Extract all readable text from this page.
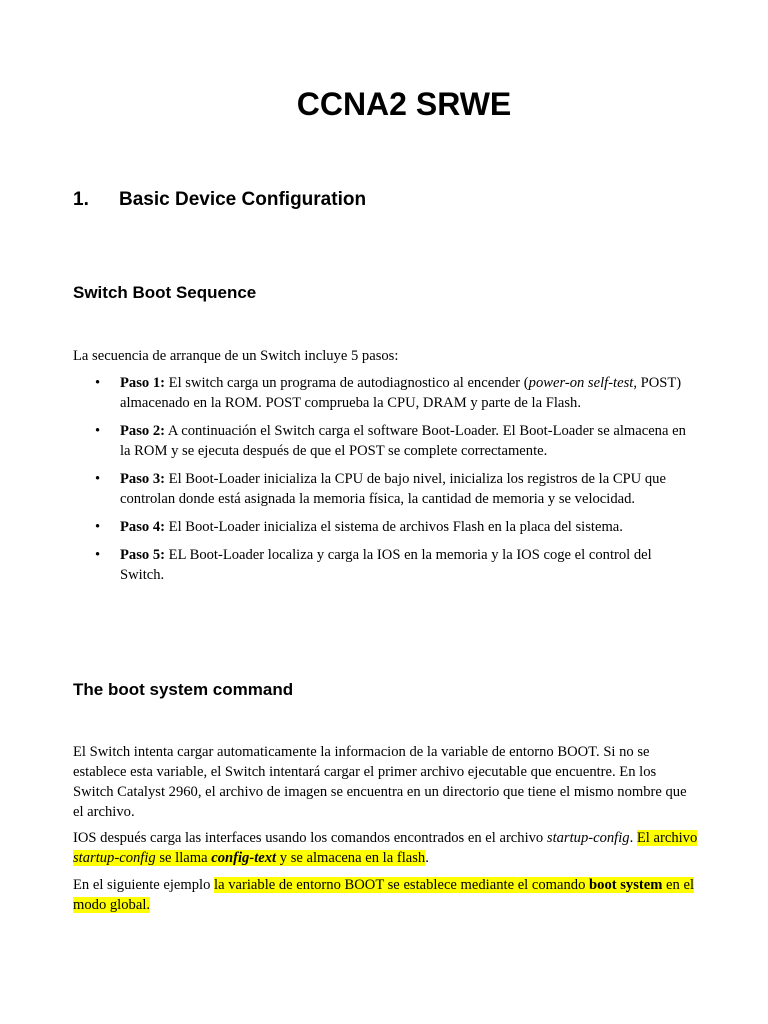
CCNA2 SRWE
1. Basic Device Configuration
Switch Boot Sequence
La secuencia de arranque de un Switch incluye 5 pasos:
• Paso 1: El switch carga un programa de autodiagnostico al encender (power-on self-test, POST) almacenado en la ROM. POST comprueba la CPU, DRAM y parte de la Flash.
• Paso 2: A continuación el Switch carga el software Boot-Loader. El Boot-Loader se almacena en la ROM y se ejecuta después de que el POST se complete correctamente.
• Paso 3: El Boot-Loader inicializa la CPU de bajo nivel, inicializa los registros de la CPU que controlan donde está asignada la memoria física, la cantidad de memoria y se velocidad.
• Paso 4: El Boot-Loader inicializa el sistema de archivos Flash en la placa del sistema.
• Paso 5: EL Boot-Loader localiza y carga la IOS en la memoria y la IOS coge el control del Switch.
The boot system command
El Switch intenta cargar automaticamente la informacion de la variable de entorno BOOT. Si no se establece esta variable, el Switch intentará cargar el primer archivo ejecutable que encuentre. En los Switch Catalyst 2960, el archivo de imagen se encuentra en un directorio que tiene el mismo nombre que el archivo.
IOS después carga las interfaces usando los comandos encontrados en el archivo startup-config. El archivo startup-config se llama config-text y se almacena en la flash.
En el siguiente ejemplo la variable de entorno BOOT se establece mediante el comando boot system en el modo global.
